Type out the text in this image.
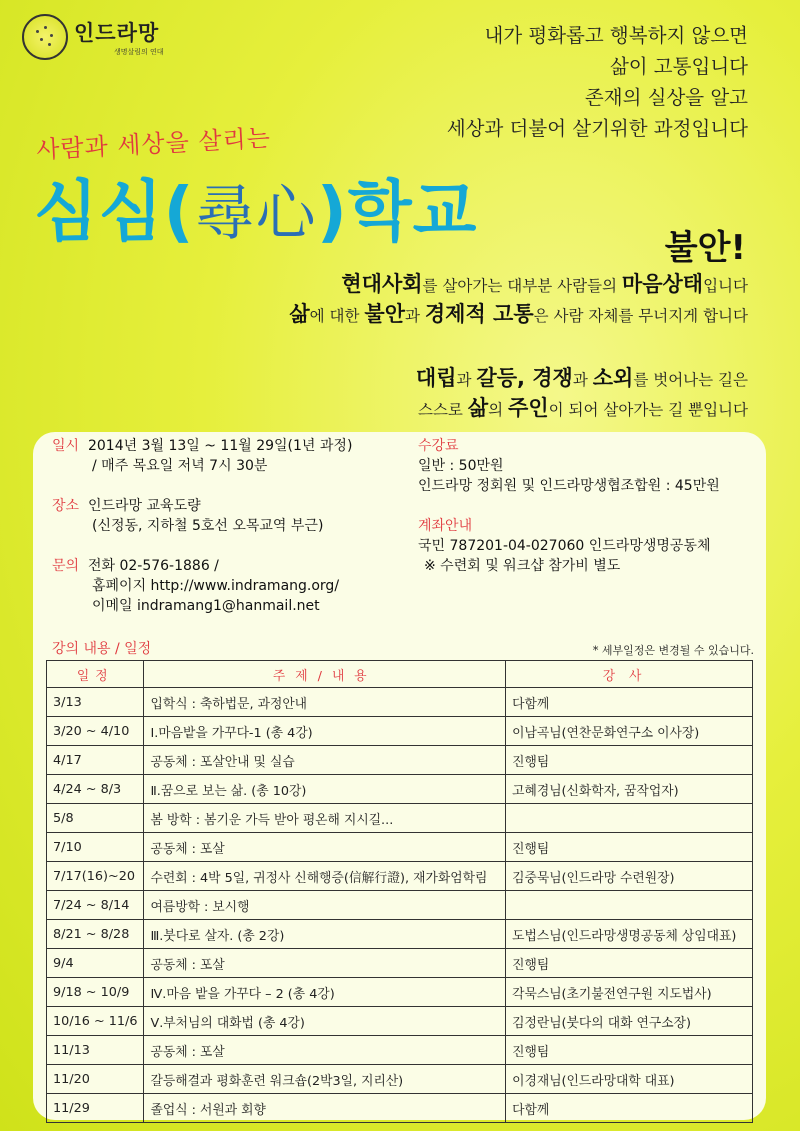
인드라망
생명살림의 연대
내가 평화롭고 행복하지 않으면
삶이 고통입니다
존재의 실상을 알고
세상과 더불어 살기위한 과정입니다
사람과 세상을 살리는
심심(尋心)학교	불안!
현대사회를 살아가는 대부분 사람들의 마음상태입니다
삶에 대한 불안과 경제적 고통은 사람 자체를 무너지게 합니다
대립과 갈등, 경쟁과 소외를 벗어나는 길은
스스로 삶의 주인이 되어 살아가는 길 뿐입니다
일시 2014년 3월 13일 ~ 11월 29일(1년 과정)
/ 매주 목요일 저녁 7시 30분
장소 인드라망 교육도량
(신정동, 지하철 5호선 오목교역 부근)
문의 전화 02-576-1886 /
홈페이지 http://www.indramang.org/
이메일 indramang1@hanmail.net
수강료
일반 : 50만원
인드라망 정회원 및 인드라망생협조합원 : 45만원
계좌안내
국민 787201-04-027060 인드라망생명공동체
※ 수련회 및 워크샵 참가비 별도
강의 내용 / 일정	* 세부일정은 변경될 수 있습니다.
일정	주제/내용	강사
3/13	입학식 : 축하법문, 과정안내	다함께
3/20 ~ 4/10	Ⅰ.마음밭을 가꾸다-1 (총 4강)	이남곡님(연찬문화연구소 이사장)
4/17	공동체 : 포살안내 및 실습	진행팀
4/24 ~ 8/3	Ⅱ.꿈으로 보는 삶. (총 10강)	고혜경님(신화학자, 꿈작업자)
5/8	봄 방학 : 봄기운 가득 받아 평온해 지시길...	
7/10	공동체 : 포살	진행팀
7/17(16)~20	수련회 : 4박 5일, 귀정사 신해행증(信解行證), 재가화엄학림	김중묵님(인드라망 수련원장)
7/24 ~ 8/14	여름방학 : 보시행	
8/21 ~ 8/28	Ⅲ.붓다로 살자. (총 2강)	도법스님(인드라망생명공동체 상임대표)
9/4	공동체 : 포살	진행팀
9/18 ~ 10/9	Ⅳ.마음 밭을 가꾸다 – 2 (총 4강)	각묵스님(초기불전연구원 지도법사)
10/16 ~ 11/6	Ⅴ.부처님의 대화법 (총 4강)	김정란님(붓다의 대화 연구소장)
11/13	공동체 : 포살	진행팀
11/20	갈등해결과 평화훈련 워크숍(2박3일, 지리산)	이경재님(인드라망대학 대표)
11/29	졸업식 : 서원과 회향	다함께
